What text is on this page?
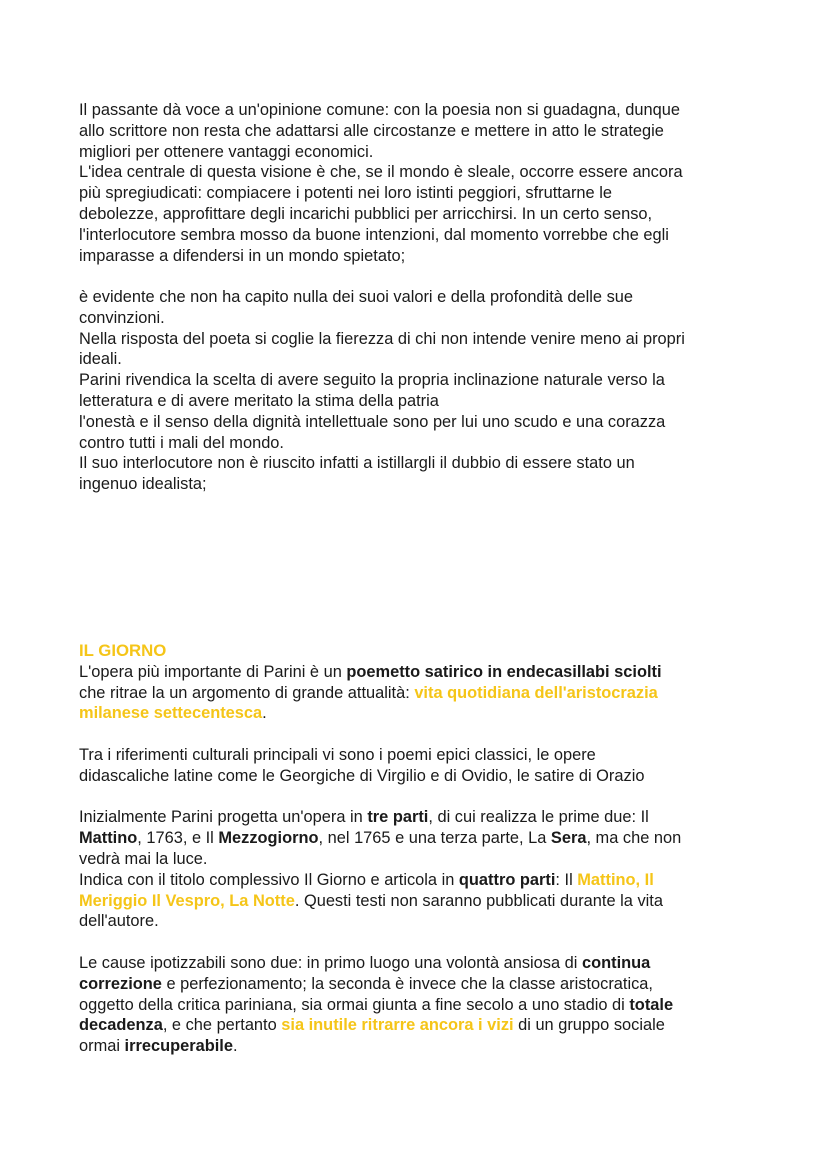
Il passante dà voce a un'opinione comune: con la poesia non si guadagna, dunque
allo scrittore non resta che adattarsi alle circostanze e mettere in atto le strategie
migliori per ottenere vantaggi economici.
L'idea centrale di questa visione è che, se il mondo è sleale, occorre essere ancora
più spregiudicati: compiacere i potenti nei loro istinti peggiori, sfruttarne le
debolezze, approfittare degli incarichi pubblici per arricchirsi. In un certo senso,
l'interlocutore sembra mosso da buone intenzioni, dal momento vorrebbe che egli
imparasse a difendersi in un mondo spietato;
è evidente che non ha capito nulla dei suoi valori e della profondità delle sue
convinzioni.
Nella risposta del poeta si coglie la fierezza di chi non intende venire meno ai propri
ideali.
Parini rivendica la scelta di avere seguito la propria inclinazione naturale verso la
letteratura e di avere meritato la stima della patria
l'onestà e il senso della dignità intellettuale sono per lui uno scudo e una corazza
contro tutti i mali del mondo.
Il suo interlocutore non è riuscito infatti a istillargli il dubbio di essere stato un
ingenuo idealista;
IL GIORNO
L'opera più importante di Parini è un poemetto satirico in endecasillabi sciolti
che ritrae la un argomento di grande attualità: vita quotidiana dell'aristocrazia
milanese settecentesca.
Tra i riferimenti culturali principali vi sono i poemi epici classici, le opere
didascaliche latine come le Georgiche di Virgilio e di Ovidio, le satire di Orazio
Inizialmente Parini progetta un'opera in tre parti, di cui realizza le prime due: Il
Mattino, 1763, e Il Mezzogiorno, nel 1765 e una terza parte, La Sera, ma che non
vedrà mai la luce.
Indica con il titolo complessivo Il Giorno e articola in quattro parti: Il Mattino, Il
Meriggio Il Vespro, La Notte. Questi testi non saranno pubblicati durante la vita
dell'autore.
Le cause ipotizzabili sono due: in primo luogo una volontà ansiosa di continua
correzione e perfezionamento; la seconda è invece che la classe aristocratica,
oggetto della critica pariniana, sia ormai giunta a fine secolo a uno stadio di totale
decadenza, e che pertanto sia inutile ritrarre ancora i vizi di un gruppo sociale
ormai irrecuperabile.
